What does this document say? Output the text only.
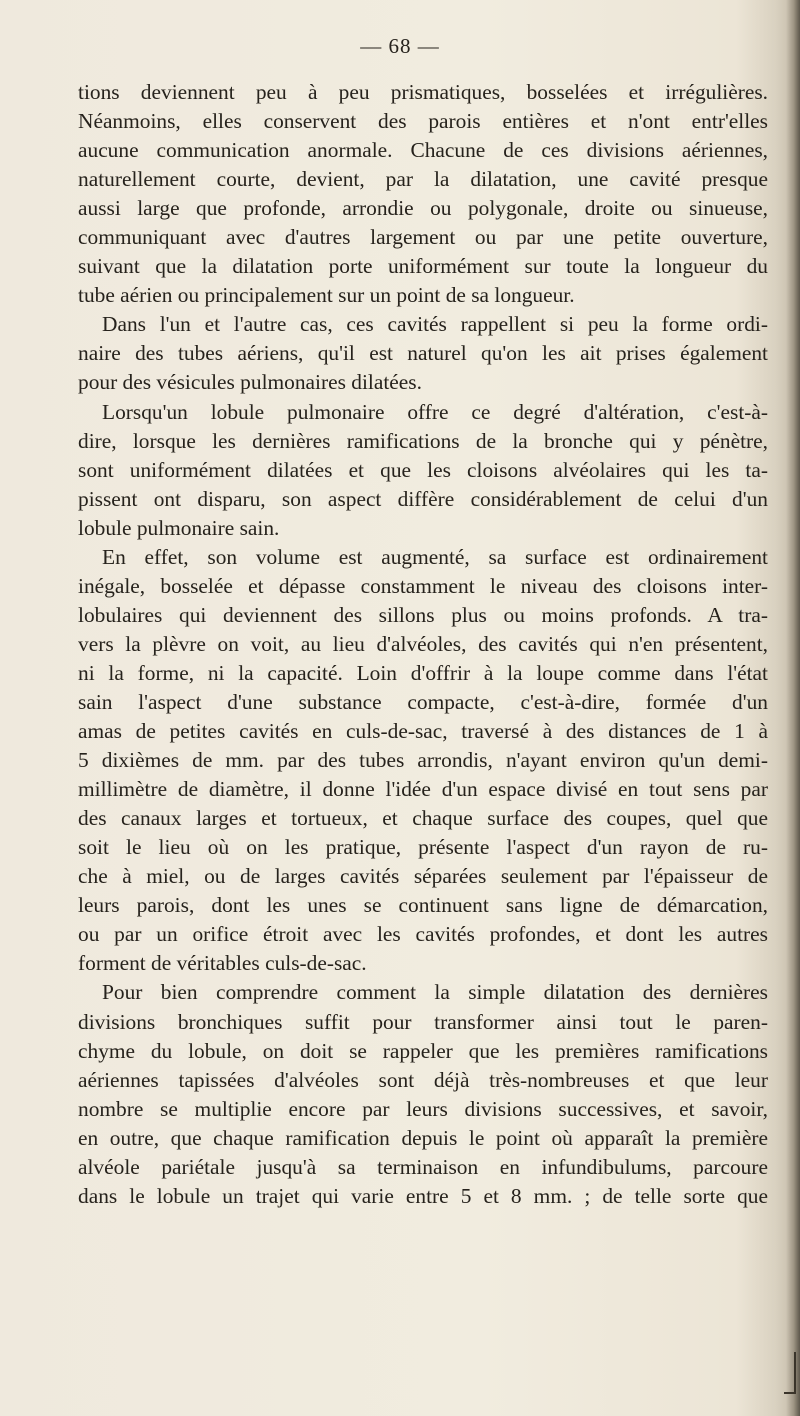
— 68 —
tions deviennent peu à peu prismatiques, bosselées et irrégulières.
Néanmoins, elles conservent des parois entières et n'ont entr'elles
aucune communication anormale. Chacune de ces divisions aériennes,
naturellement courte, devient, par la dilatation, une cavité presque
aussi large que profonde, arrondie ou polygonale, droite ou sinueuse,
communiquant avec d'autres largement ou par une petite ouverture,
suivant que la dilatation porte uniformément sur toute la longueur du
tube aérien ou principalement sur un point de sa longueur.
Dans l'un et l'autre cas, ces cavités rappellent si peu la forme ordi-
naire des tubes aériens, qu'il est naturel qu'on les ait prises également
pour des vésicules pulmonaires dilatées.
Lorsqu'un lobule pulmonaire offre ce degré d'altération, c'est-à-
dire, lorsque les dernières ramifications de la bronche qui y pénètre,
sont uniformément dilatées et que les cloisons alvéolaires qui les ta-
pissent ont disparu, son aspect diffère considérablement de celui d'un
lobule pulmonaire sain.
En effet, son volume est augmenté, sa surface est ordinairement
inégale, bosselée et dépasse constamment le niveau des cloisons inter-
lobulaires qui deviennent des sillons plus ou moins profonds. A tra-
vers la plèvre on voit, au lieu d'alvéoles, des cavités qui n'en présentent,
ni la forme, ni la capacité. Loin d'offrir à la loupe comme dans l'état
sain l'aspect d'une substance compacte, c'est-à-dire, formée d'un
amas de petites cavités en culs-de-sac, traversé à des distances de 1 à
5 dixièmes de mm. par des tubes arrondis, n'ayant environ qu'un demi-
millimètre de diamètre, il donne l'idée d'un espace divisé en tout sens par
des canaux larges et tortueux, et chaque surface des coupes, quel que
soit le lieu où on les pratique, présente l'aspect d'un rayon de ru-
che à miel, ou de larges cavités séparées seulement par l'épaisseur de
leurs parois, dont les unes se continuent sans ligne de démarcation,
ou par un orifice étroit avec les cavités profondes, et dont les autres
forment de véritables culs-de-sac.
Pour bien comprendre comment la simple dilatation des dernières
divisions bronchiques suffit pour transformer ainsi tout le paren-
chyme du lobule, on doit se rappeler que les premières ramifications
aériennes tapissées d'alvéoles sont déjà très-nombreuses et que leur
nombre se multiplie encore par leurs divisions successives, et savoir,
en outre, que chaque ramification depuis le point où apparaît la première
alvéole pariétale jusqu'à sa terminaison en infundibulums, parcoure
dans le lobule un trajet qui varie entre 5 et 8 mm. ; de telle sorte que
